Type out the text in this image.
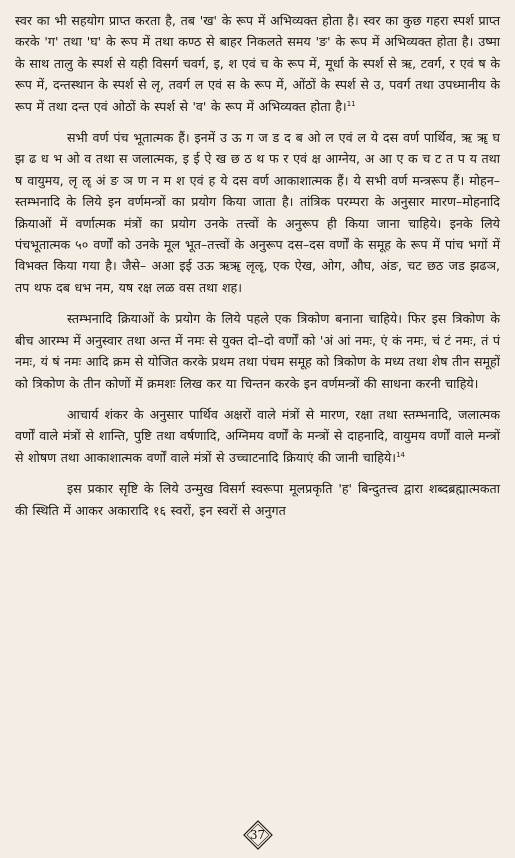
स्वर का भी सहयोग प्राप्त करता है, तब 'ख' के रूप में अभिव्यक्त होता है। स्वर का कुछ गहरा स्पर्श प्राप्त करके 'ग' तथा 'घ' के रूप में तथा कण्ठ से बाहर निकलते समय 'ङ' के रूप में अभिव्यक्त होता है। उष्मा के साथ तालु के स्पर्श से यही विसर्ग चवर्ग, इ, श एवं च के रूप में, मूर्धा के स्पर्श से ऋ, टवर्ग, र एवं ष के रूप में, दन्तस्थान के स्पर्श से लृ, तवर्ग ल एवं स के रूप में, ओंठों के स्पर्श से उ, पवर्ग तथा उपध्मानीय के रूप में तथा दन्त एवं ओठों के स्पर्श से 'व' के रूप में अभिव्यक्त होता है।$^{11}$

सभी वर्ण पंच भूतात्मक हैं। इनमें उ ऊ ग ज ड द ब ओ ल एवं ल ये दस वर्ण पार्थिव, ऋ ॠ घ झ ढ ध भ ओ व तथा स जलात्मक, इ ई ऐ ख छ ठ थ फ र एवं क्ष आग्नेय, अ आ ए क च ट त प य तथा ष वायुमय, लृ ॡ अं ङ ञ ण न म श एवं ह ये दस वर्ण आकाशात्मक हैं। ये सभी वर्ण मन्त्ररूप हैं। मोहन–स्तम्भनादि के लिये इन वर्णमन्त्रों का प्रयोग किया जाता है। तांत्रिक परम्परा के अनुसार मारण–मोहनादि क्रियाओं में वर्णात्मक मंत्रों का प्रयोग उनके तत्त्वों के अनुरूप ही किया जाना चाहिये। इनके लिये पंचभूतात्मक ५० वर्णों को उनके मूल भूत–तत्त्वों के अनुरूप दस–दस वर्णों के समूह के रूप में पांच भगों में विभक्त किया गया है। जैसे– अआ इई उऊ ऋॠ लृॡ, एक ऐख, ओग, औघ, अंङ, चट छठ जड झढञ, तप थफ दब धभ नम, यष रक्ष लळ वस तथा शह।

स्तम्भनादि क्रियाओं के प्रयोग के लिये पहले एक त्रिकोण बनाना चाहिये। फिर इस त्रिकोण के बीच आरम्भ में अनुस्वार तथा अन्त में नमः से युक्त दो–दो वर्णों को 'अं आं नमः, एं कं नमः, चं टं नमः, तं पं नमः, यं षं नमः आदि क्रम से योजित करके प्रथम तथा पंचम समूह को त्रिकोण के मध्य तथा शेष तीन समूहों को त्रिकोण के तीन कोणों में क्रमशः लिख कर या चिन्तन करके इन वर्णमन्त्रों की साधना करनी चाहिये।

आचार्य शंकर के अनुसार पार्थिव अक्षरों वाले मंत्रों से मारण, रक्षा तथा स्तम्भनादि, जलात्मक वर्णों वाले मंत्रों से शान्ति, पुष्टि तथा वर्षणादि, अग्निमय वर्णों के मन्त्रों से दाहनादि, वायुमय वर्णों वाले मन्त्रों से शोषण तथा आकाशात्मक वर्णों वाले मंत्रों से उच्चाटनादि क्रियाएं की जानी चाहिये।$^{14}$

इस प्रकार सृष्टि के लिये उन्मुख विसर्ग स्वरूपा मूलप्रकृति 'ह' बिन्दुतत्त्व द्वारा शब्दब्रह्मात्मकता की स्थिति में आकर अकारादि १६ स्वरों, इन स्वरों से अनुगत

37
